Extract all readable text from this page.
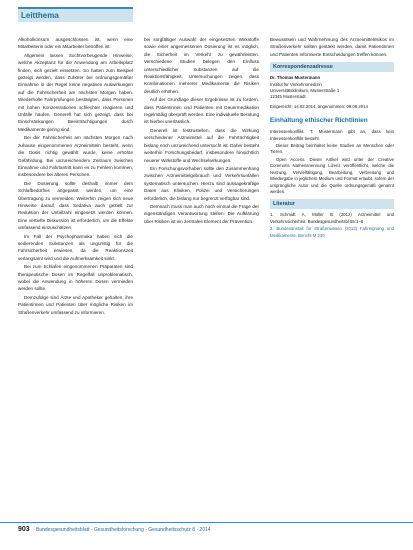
Leitthema

Alkoholkonsum ausgeschlossen ist, wenn eine Mitarbeiterin oder ein Mitarbeiter betroffen ist.

Allgemein lassen Suchtvorbeugende Hinweise, welche Akzeptanz für die Anwendung am Arbeitsplatz finden, sich gezielt einsetzen. So hatten zum Beispiel gezeigt werden, dass Zuhörer bei ordnungsgemäßer Einnahme in der Regel keine negativen Auswirkungen auf die Fahrsicherheit am nächsten Morgen haben. Wiederholte Fahrprüfungen bestätigten, dass Personen mit hohen Konzentrationen schlechter reagieren und Unfälle häufen. Generell hat sich gezeigt, dass bei Einschränkungen Beeinträchtigungen durch Medikamente gering sind.

Bei der Fahrsicherheit am nächsten Morgen nach zuhause eingenommenen Arzneimitteln besteht, wenn die Dosis richtig gewählt wurde, keine erhöhte Gefährdung. Bei unzureichendem Zeitraum zwischen Einnahme und Fahrtantritt kann es zu Fehlern kommen, insbesondere bei älteren Personen.

Die Dosierung sollte deshalb immer dem Schlafbedürfnis angepasst werden, um eine Übertragung zu vermeiden. Weiterhin zeigen sich neue Hinweise darauf, dass Sedativa auch gezielt zur Reduktion der Unfallzahl eingesetzt werden können. Eine vertiefte Diskussion ist erforderlich, um die Effekte umfassend einzuschätzen.

Im Fall der Psychopharmaka haben sich die sedierenden Substanzen als ungünstig für die Fahrsicherheit erwiesen, da die Reaktionszeit verlangsamt wird und die Aufmerksamkeit sinkt.

Bei zum Schlafen eingenommenen Präparaten sind therapeutische Dosen im Regelfall unproblematisch, wobei die Anwendung in höheren Dosen vermieden werden sollte.

Demzufolge sind Ärzte und Apotheker gehalten, ihre Patientinnen und Patienten über mögliche Risiken im Straßenverkehr umfassend zu informieren.

bei sorgfältiger Auswahl der eingesetzten Wirkstoffe sowie einer angemessenen Dosierung ist es möglich, die Sicherheit im Verkehr zu gewährleisten. Verschiedene Studien belegen den Einfluss unterschiedlicher Substanzen auf die Reaktionsfähigkeit. Untersuchungen zeigen, dass Kombinationen mehrerer Medikamente die Risiken deutlich erhöhen.

Auf der Grundlage dieser Ergebnisse ist zu fordern, dass Patientinnen und Patienten mit Dauermedikation regelmäßig überprüft werden. Eine individuelle Beratung ist hierbei unerlässlich.

Generell ist festzustellen, dass die Wirkung verschiedener Arzneimittel auf die Fahrtüchtigkeit bislang noch unzureichend untersucht ist. Daher besteht weiterhin Forschungsbedarf, insbesondere hinsichtlich neuerer Wirkstoffe und Wechselwirkungen.

Ein Forschungsvorhaben sollte den Zusammenhang zwischen Arzneimittelgebrauch und Verkehrsunfällen systematisch untersuchen. Hierzu sind aussagekräftige Daten aus Kliniken, Polizei und Versicherungen erforderlich, die bislang nur begrenzt verfügbar sind.

Demnach muss man auch noch einmal die Frage der eigenständigen Verantwortung stellen. Die Aufklärung über Risiken ist ein zentrales Element der Prävention.

Bewusstsein und Wahrnehmung des Arzneimittelrisikos im Straßenverkehr sollten gestärkt werden, damit Patientinnen und Patienten informierte Entscheidungen treffen können.

Korrespondenzadresse

Dr. Thomas Mustermann

Institut für Verkehrsmedizin

Universitätsklinikum, Musterstraße 1

12345 Musterstadt

Eingereicht: 14.02.2014, angenommen: 08.06.2014

Einhaltung ethischer Richtlinien

Interessenkonflikt. T. Mustermann gibt an, dass kein Interessenkonflikt besteht.

Dieser Beitrag beinhaltet keine Studien an Menschen oder Tieren.

Open Access. Dieser Artikel wird unter der Creative Commons Namensnennung Lizenz veröffentlicht, welche die Nutzung, Vervielfältigung, Bearbeitung, Verbreitung und Wiedergabe in jeglichem Medium und Format erlaubt, sofern der ursprüngliche Autor und die Quelle ordnungsgemäß genannt werden.

Literatur
1. Schmidt A, Müller B (2012) Arzneimittel und Verkehrssicherheit. Bundesgesundheitsbl 55:1–8
2. Bundesanstalt für Straßenwesen (2013) Fahreignung und Medikamente. Bericht M 230
903 Bundesgesundheitsblatt - Gesundheitsforschung - Gesundheitsschutz 8 · 2014
